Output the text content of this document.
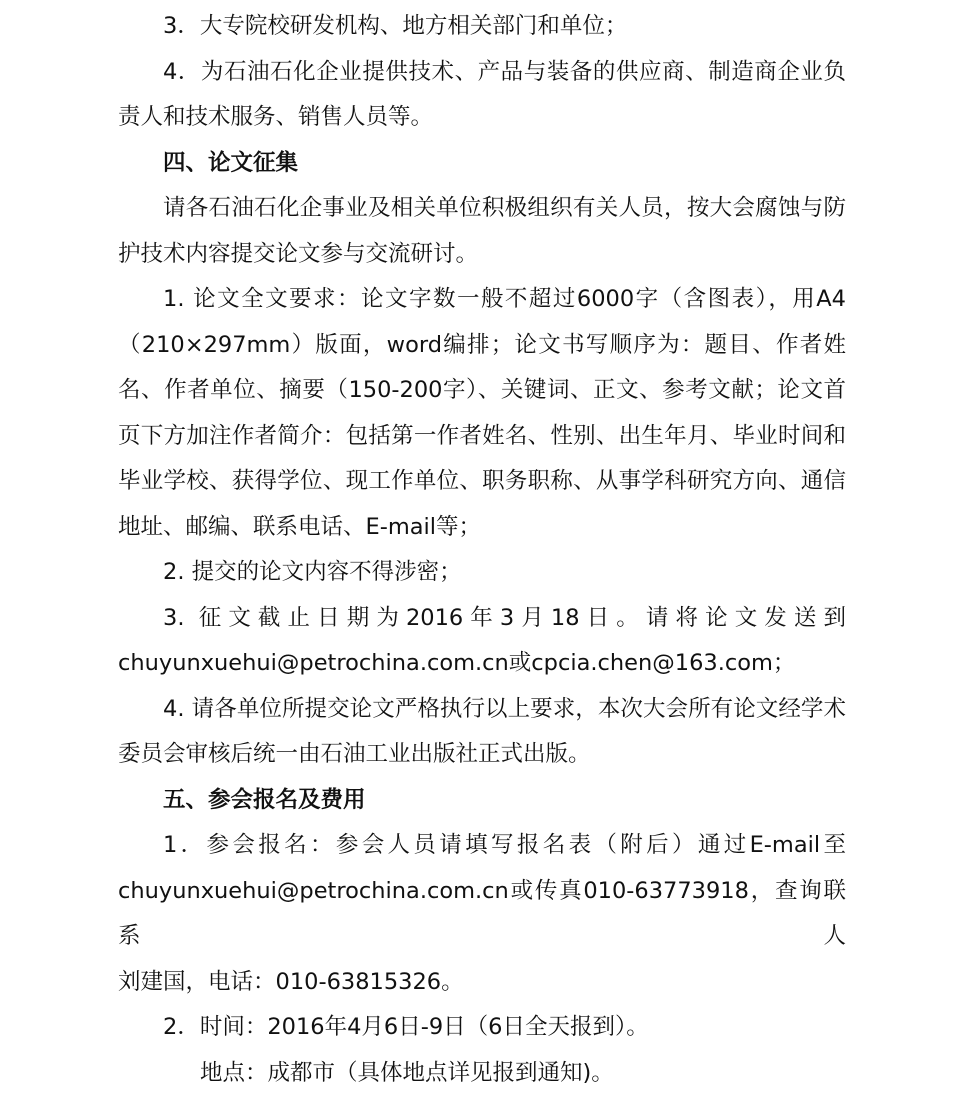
3．大专院校研发机构、地方相关部门和单位；

4．为石油石化企业提供技术、产品与装备的供应商、制造商企业负责人和技术服务、销售人员等。

四、论文征集

请各石油石化企事业及相关单位积极组织有关人员，按大会腐蚀与防护技术内容提交论文参与交流研讨。

1. 论文全文要求：论文字数一般不超过6000字（含图表），用A4（210×297mm）版面，word编排；论文书写顺序为：题目、作者姓名、作者单位、摘要（150-200字）、关键词、正文、参考文献；论文首页下方加注作者简介：包括第一作者姓名、性别、出生年月、毕业时间和毕业学校、获得学位、现工作单位、职务职称、从事学科研究方向、通信地址、邮编、联系电话、E-mail等；

2. 提交的论文内容不得涉密；

3. 征文截止日期为2016年3月18日。请将论文发送到

chuyunxuehui@petrochina.com.cn或cpcia.chen@163.com；

4. 请各单位所提交论文严格执行以上要求，本次大会所有论文经学术委员会审核后统一由石油工业出版社正式出版。

五、参会报名及费用

1．参会报名：参会人员请填写报名表（附后）通过E-mail至

chuyunxuehui@petrochina.com.cn或传真010-63773918，查询联系人

刘建国，电话：010-63815326。

2．时间：2016年4月6日-9日（6日全天报到）。

地点：成都市（具体地点详见报到通知)。
